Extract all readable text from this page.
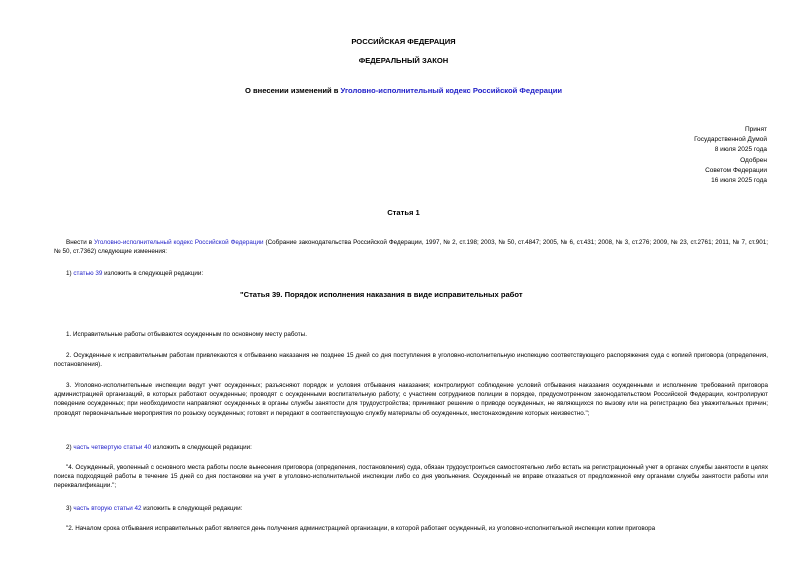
РОССИЙСКАЯ ФЕДЕРАЦИЯ
ФЕДЕРАЛЬНЫЙ ЗАКОН
О внесении изменений в Уголовно-исполнительный кодекс Российской Федерации
Принят
Государственной Думой
8 июля 2025 года
Одобрен
Советом Федерации
16 июля 2025 года
Статья 1
Внести в Уголовно-исполнительный кодекс Российской Федерации (Собрание законодательства Российской Федерации, 1997, № 2, ст.198; 2003, № 50, ст.4847; 2005, № 6, ст.431; 2008, № 3, ст.276; 2009, № 23, ст.2761; 2011, № 7, ст.901; № 50, ст.7362) следующие изменения:
1) статью 39 изложить в следующей редакции:
"Статья 39. Порядок исполнения наказания в виде исправительных работ
1. Исправительные работы отбываются осужденным по основному месту работы.
2. Осужденные к исправительным работам привлекаются к отбыванию наказания не позднее 15 дней со дня поступления в уголовно-исполнительную инспекцию соответствующего распоряжения суда с копией приговора (определения, постановления).
3. Уголовно-исполнительные инспекции ведут учет осужденных; разъясняют порядок и условия отбывания наказания; контролируют соблюдение условий отбывания наказания осужденными и исполнение требований приговора администрацией организаций, в которых работают осужденные; проводят с осужденными воспитательную работу; с участием сотрудников полиции в порядке, предусмотренном законодательством Российской Федерации, контролируют поведение осужденных; при необходимости направляют осужденных в органы службы занятости для трудоустройства; принимают решение о приводе осужденных, не являющихся по вызову или на регистрацию без уважительных причин; проводят первоначальные мероприятия по розыску осужденных; готовят и передают в соответствующую службу материалы об осужденных, местонахождение которых неизвестно.";
2) часть четвертую статьи 40 изложить в следующей редакции:
"4. Осужденный, уволенный с основного места работы после вынесения приговора (определения, постановления) суда, обязан трудоустроиться самостоятельно либо встать на регистрационный учет в органах службы занятости в целях поиска подходящей работы в течение 15 дней со дня постановки на учет в уголовно-исполнительной инспекции либо со дня увольнения. Осужденный не вправе отказаться от предложенной ему органами службы занятости работы или переквалификации.";
3) часть вторую статьи 42 изложить в следующей редакции:
"2. Началом срока отбывания исправительных работ является день получения администрацией организации, в которой работает осужденный, из уголовно-исполнительной инспекции копии приговора
